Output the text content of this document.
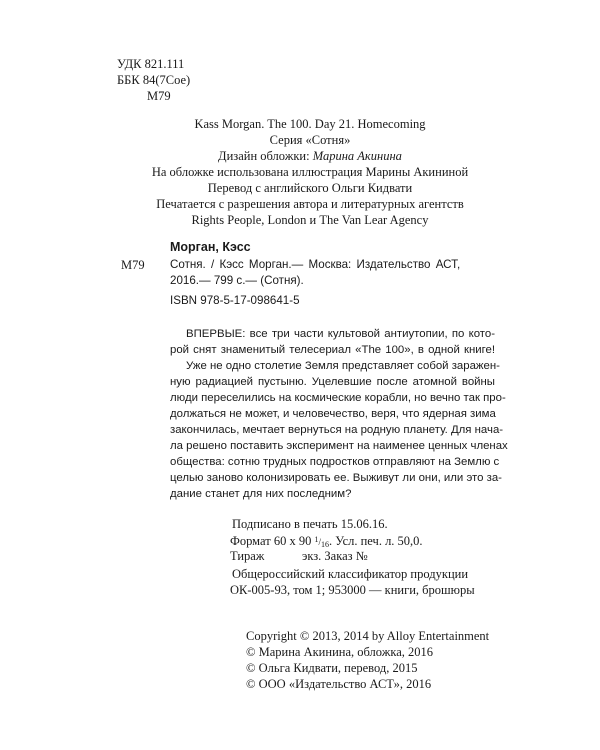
УДК 821.111
ББК 84(7Сое)
М79
Kass Morgan. The 100. Day 21. Homecoming
Серия «Сотня»
Дизайн обложки: Марина Акинина
На обложке использована иллюстрация Марины Акининой
Перевод с английского Ольги Кидвати
Печатается с разрешения автора и литературных агентств
Rights People, London и The Van Lear Agency
Морган, Кэсс
М79 Сотня. / Кэсс Морган.— Москва: Издательство АСТ,
2016.— 799 с.— (Сотня).
ISBN 978-5-17-098641-5
ВПЕРВЫЕ: все три части культовой антиутопии, по кото-
рой снят знаменитый телесериал «The 100», в одной книге!
Уже не одно столетие Земля представляет собой заражен-
ную радиацией пустыню. Уцелевшие после атомной войны
люди переселились на космические корабли, но вечно так про-
должаться не может, и человечество, веря, что ядерная зима
закончилась, мечтает вернуться на родную планету. Для нача-
ла решено поставить эксперимент на наименее ценных членах
общества: сотню трудных подростков отправляют на Землю с
целью заново колонизировать ее. Выживут ли они, или это за-
дание станет для них последним?
Подписано в печать 15.06.16.
Формат 60 х 90 $^1/_{16}$. Усл. печ. л. 50,0.
Тираж            экз. Заказ №
Общероссийский классификатор продукции
ОК-005-93, том 1; 953000 — книги, брошюры
Copyright © 2013, 2014 by Alloy Entertainment
© Марина Акинина, обложка, 2016
© Ольга Кидвати, перевод, 2015
© ООО «Издательство АСТ», 2016
